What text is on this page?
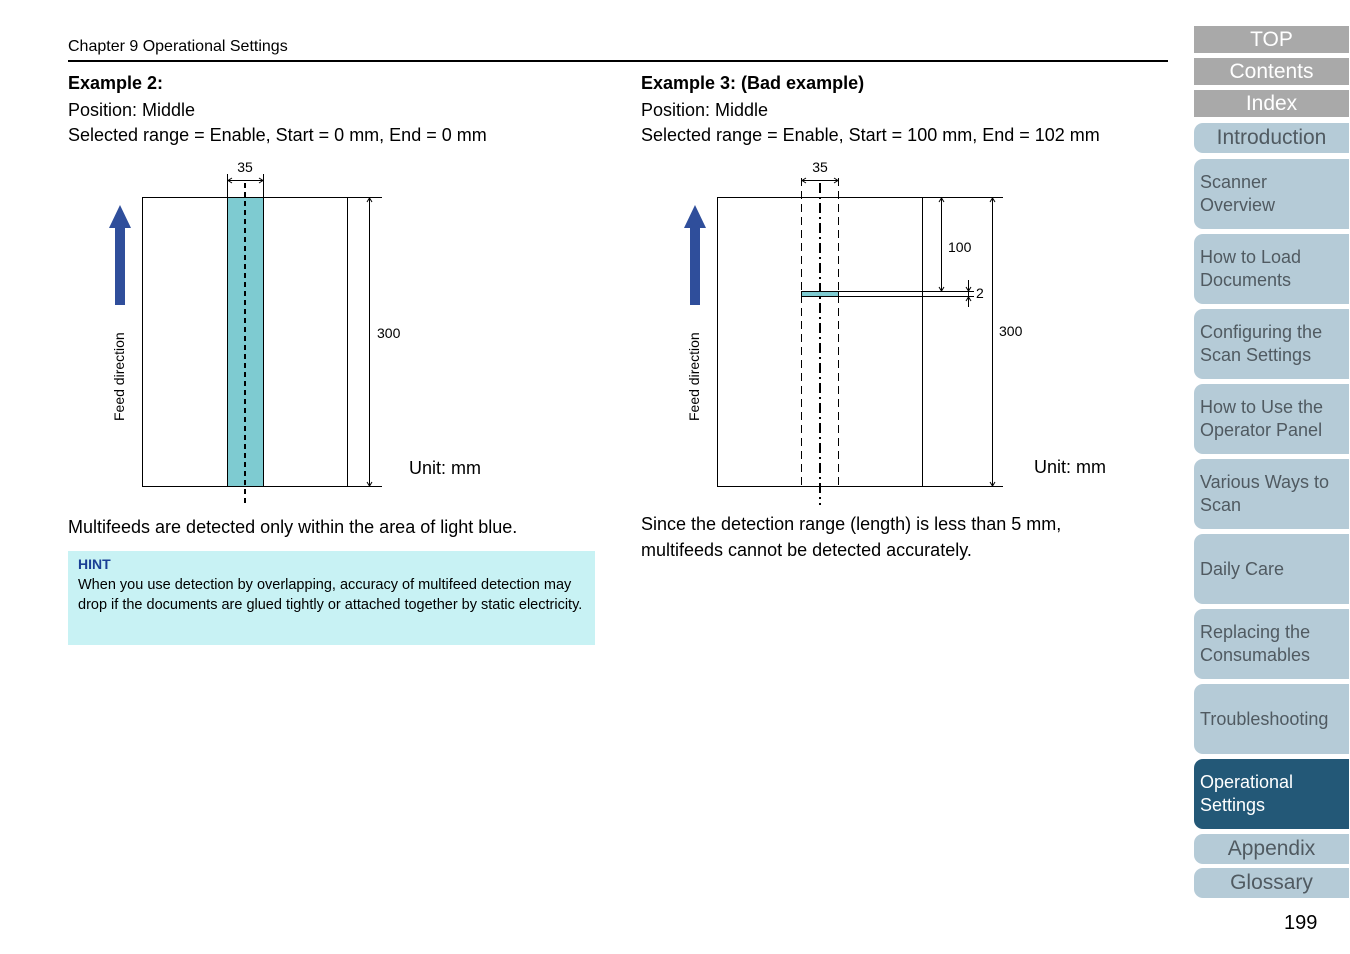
Chapter 9 Operational Settings
Example 2:
Position: Middle
Selected range = Enable, Start = 0 mm, End = 0 mm
Feed direction
35
300
Unit: mm
Multifeeds are detected only within the area of light blue.
HINT
When you use detection by overlapping, accuracy of multifeed detection may drop if the documents are glued tightly or attached together by static electricity.
Example 3: (Bad example)
Position: Middle
Selected range = Enable, Start = 100 mm, End = 102 mm
Feed direction
35
100
2
300
Unit: mm
Since the detection range (length) is less than 5 mm,
multifeeds cannot be detected accurately.
TOP
Contents
Index
Introduction
Scanner
Overview
How to Load
Documents
Configuring the
Scan Settings
How to Use the
Operator Panel
Various Ways to
Scan
Daily Care
Replacing the
Consumables
Troubleshooting
Operational
Settings
Appendix
Glossary
199
